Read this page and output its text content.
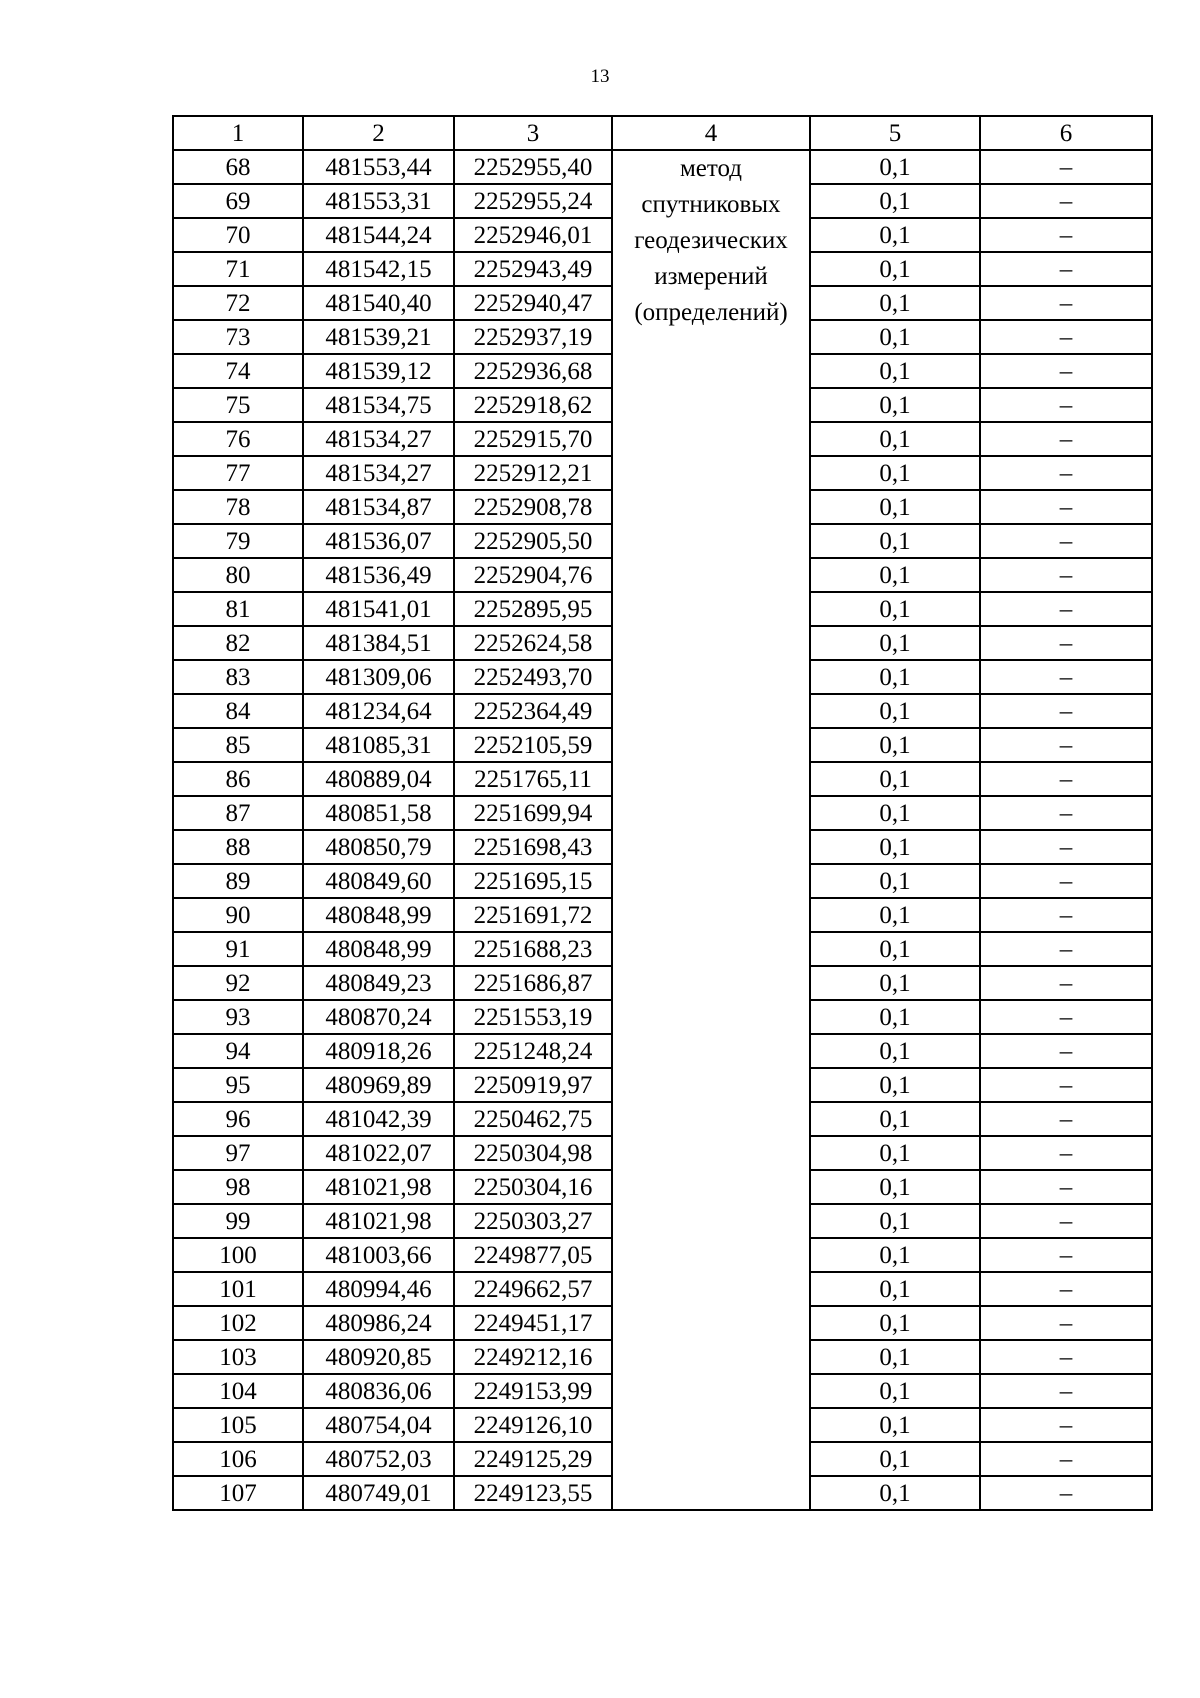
13
1	2	3	4	5	6
68	481553,44	2252955,40	метод
спутниковых
геодезических
измерений
(определений)	0,1	–
69	481553,31	2252955,24		0,1	–
70	481544,24	2252946,01		0,1	–
71	481542,15	2252943,49		0,1	–
72	481540,40	2252940,47		0,1	–
73	481539,21	2252937,19		0,1	–
74	481539,12	2252936,68		0,1	–
75	481534,75	2252918,62		0,1	–
76	481534,27	2252915,70		0,1	–
77	481534,27	2252912,21		0,1	–
78	481534,87	2252908,78		0,1	–
79	481536,07	2252905,50		0,1	–
80	481536,49	2252904,76		0,1	–
81	481541,01	2252895,95		0,1	–
82	481384,51	2252624,58		0,1	–
83	481309,06	2252493,70		0,1	–
84	481234,64	2252364,49		0,1	–
85	481085,31	2252105,59		0,1	–
86	480889,04	2251765,11		0,1	–
87	480851,58	2251699,94		0,1	–
88	480850,79	2251698,43		0,1	–
89	480849,60	2251695,15		0,1	–
90	480848,99	2251691,72		0,1	–
91	480848,99	2251688,23		0,1	–
92	480849,23	2251686,87		0,1	–
93	480870,24	2251553,19		0,1	–
94	480918,26	2251248,24		0,1	–
95	480969,89	2250919,97		0,1	–
96	481042,39	2250462,75		0,1	–
97	481022,07	2250304,98		0,1	–
98	481021,98	2250304,16		0,1	–
99	481021,98	2250303,27		0,1	–
100	481003,66	2249877,05		0,1	–
101	480994,46	2249662,57		0,1	–
102	480986,24	2249451,17		0,1	–
103	480920,85	2249212,16		0,1	–
104	480836,06	2249153,99		0,1	–
105	480754,04	2249126,10		0,1	–
106	480752,03	2249125,29		0,1	–
107	480749,01	2249123,55		0,1	–
